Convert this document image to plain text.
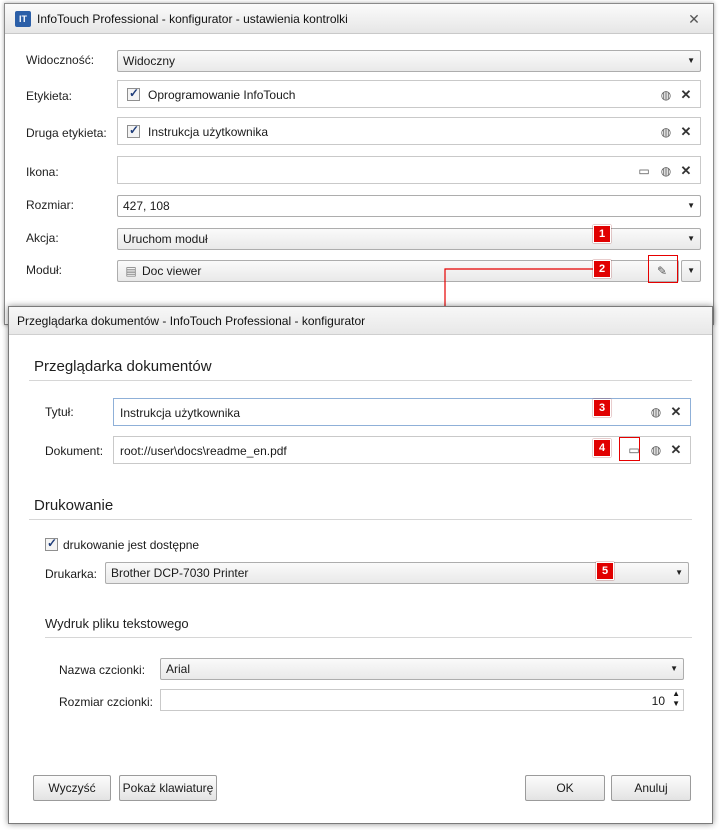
IT InfoTouch Professional - konfigurator - ustawienia kontrolki	✕
Widoczność:	Widoczny	▼
Etykieta: ✓	Oprogramowanie InfoTouch	◍ ✕
Druga etykieta: ✓	Instrukcja użytkownika	◍ ✕
Ikona:	▭ ◍ ✕
Rozmiar:	427, 108	▼
Akcja:	Uruchom moduł	▼
Moduł:	▤ Doc viewer	✎	▼
1
2
Przeglądarka dokumentów - InfoTouch Professional - konfigurator
Przeglądarka dokumentów
Tytuł:	Instrukcja użytkownika	◍ ✕
Dokument: root://user\docs\readme_en.pdf	▭ ◍ ✕
Drukowanie
✓
drukowanie jest dostępne
Drukarka:	Brother DCP-7030 Printer	▼
Wydruk pliku tekstowego
Nazwa czcionki:	Arial	▼
Rozmiar czcionki:	10
▲
▼
Wyczyść	Pokaż klawiaturę	OK	Anuluj
3
4
5
